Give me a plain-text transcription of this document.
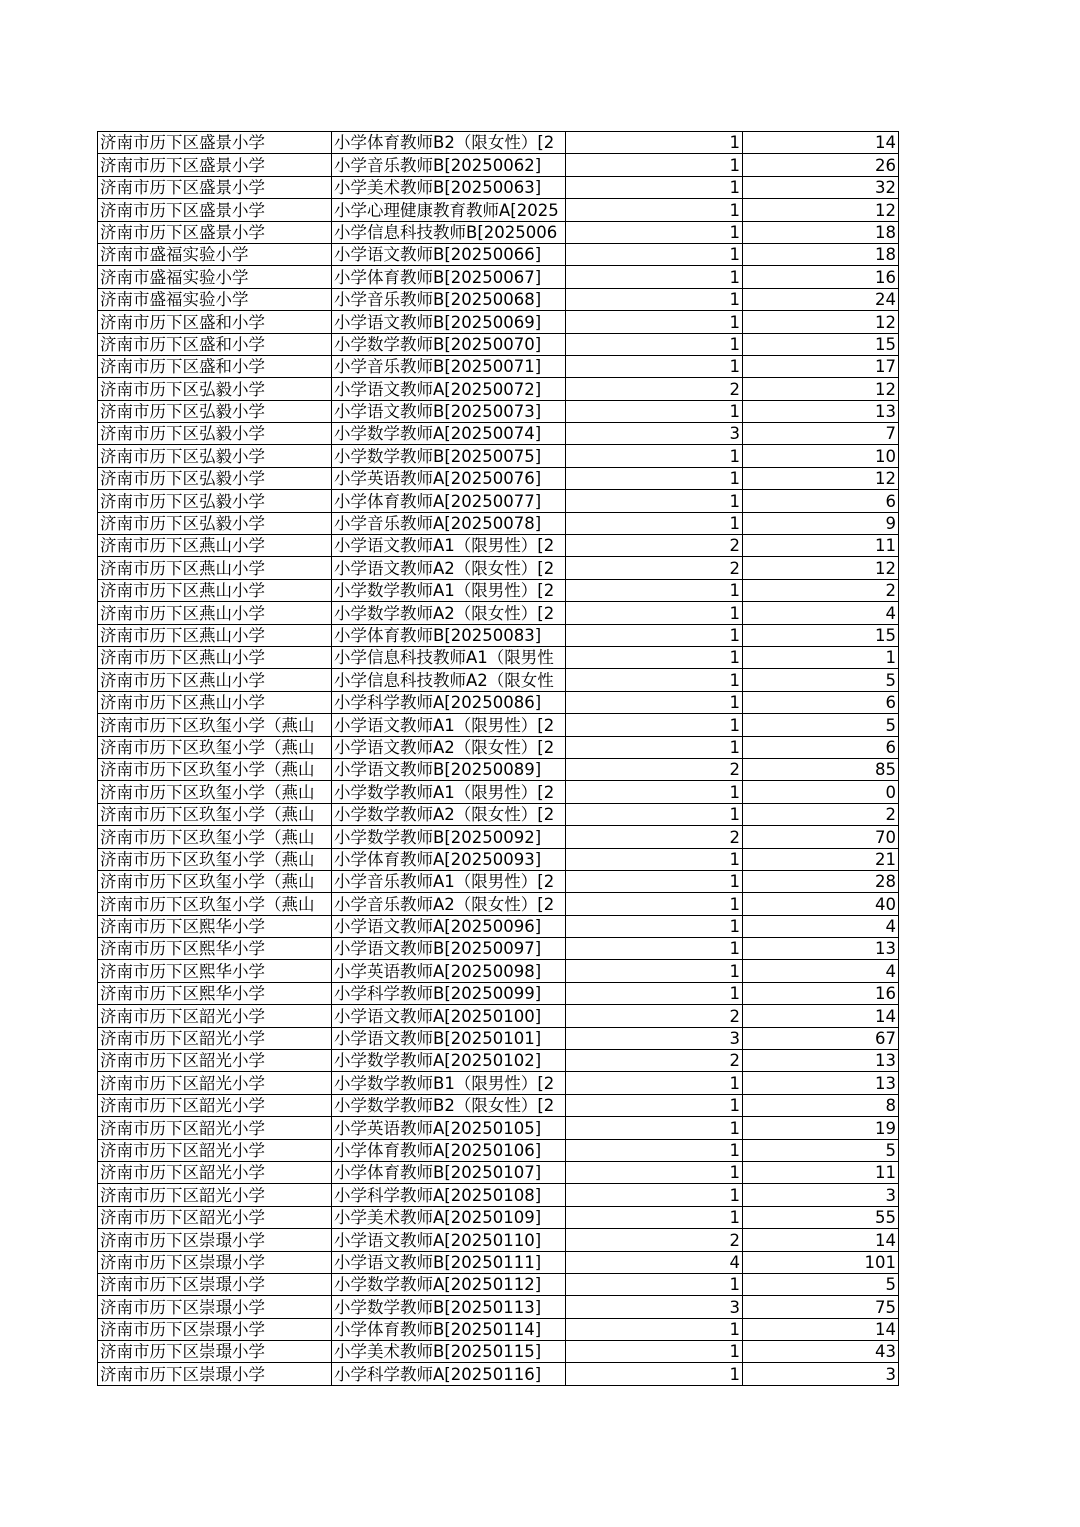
济南市历下区盛景小学	小学体育教师B2（限女性）[2	1	14
济南市历下区盛景小学	小学音乐教师B[20250062]	1	26
济南市历下区盛景小学	小学美术教师B[20250063]	1	32
济南市历下区盛景小学	小学心理健康教育教师A[2025	1	12
济南市历下区盛景小学	小学信息科技教师B[2025006	1	18
济南市盛福实验小学	小学语文教师B[20250066]	1	18
济南市盛福实验小学	小学体育教师B[20250067]	1	16
济南市盛福实验小学	小学音乐教师B[20250068]	1	24
济南市历下区盛和小学	小学语文教师B[20250069]	1	12
济南市历下区盛和小学	小学数学教师B[20250070]	1	15
济南市历下区盛和小学	小学音乐教师B[20250071]	1	17
济南市历下区弘毅小学	小学语文教师A[20250072]	2	12
济南市历下区弘毅小学	小学语文教师B[20250073]	1	13
济南市历下区弘毅小学	小学数学教师A[20250074]	3	7
济南市历下区弘毅小学	小学数学教师B[20250075]	1	10
济南市历下区弘毅小学	小学英语教师A[20250076]	1	12
济南市历下区弘毅小学	小学体育教师A[20250077]	1	6
济南市历下区弘毅小学	小学音乐教师A[20250078]	1	9
济南市历下区燕山小学	小学语文教师A1（限男性）[2	2	11
济南市历下区燕山小学	小学语文教师A2（限女性）[2	2	12
济南市历下区燕山小学	小学数学教师A1（限男性）[2	1	2
济南市历下区燕山小学	小学数学教师A2（限女性）[2	1	4
济南市历下区燕山小学	小学体育教师B[20250083]	1	15
济南市历下区燕山小学	小学信息科技教师A1（限男性	1	1
济南市历下区燕山小学	小学信息科技教师A2（限女性	1	5
济南市历下区燕山小学	小学科学教师A[20250086]	1	6
济南市历下区玖玺小学（燕山	小学语文教师A1（限男性）[2	1	5
济南市历下区玖玺小学（燕山	小学语文教师A2（限女性）[2	1	6
济南市历下区玖玺小学（燕山	小学语文教师B[20250089]	2	85
济南市历下区玖玺小学（燕山	小学数学教师A1（限男性）[2	1	0
济南市历下区玖玺小学（燕山	小学数学教师A2（限女性）[2	1	2
济南市历下区玖玺小学（燕山	小学数学教师B[20250092]	2	70
济南市历下区玖玺小学（燕山	小学体育教师A[20250093]	1	21
济南市历下区玖玺小学（燕山	小学音乐教师A1（限男性）[2	1	28
济南市历下区玖玺小学（燕山	小学音乐教师A2（限女性）[2	1	40
济南市历下区熙华小学	小学语文教师A[20250096]	1	4
济南市历下区熙华小学	小学语文教师B[20250097]	1	13
济南市历下区熙华小学	小学英语教师A[20250098]	1	4
济南市历下区熙华小学	小学科学教师B[20250099]	1	16
济南市历下区韶光小学	小学语文教师A[20250100]	2	14
济南市历下区韶光小学	小学语文教师B[20250101]	3	67
济南市历下区韶光小学	小学数学教师A[20250102]	2	13
济南市历下区韶光小学	小学数学教师B1（限男性）[2	1	13
济南市历下区韶光小学	小学数学教师B2（限女性）[2	1	8
济南市历下区韶光小学	小学英语教师A[20250105]	1	19
济南市历下区韶光小学	小学体育教师A[20250106]	1	5
济南市历下区韶光小学	小学体育教师B[20250107]	1	11
济南市历下区韶光小学	小学科学教师A[20250108]	1	3
济南市历下区韶光小学	小学美术教师A[20250109]	1	55
济南市历下区崇璟小学	小学语文教师A[20250110]	2	14
济南市历下区崇璟小学	小学语文教师B[20250111]	4	101
济南市历下区崇璟小学	小学数学教师A[20250112]	1	5
济南市历下区崇璟小学	小学数学教师B[20250113]	3	75
济南市历下区崇璟小学	小学体育教师B[20250114]	1	14
济南市历下区崇璟小学	小学美术教师B[20250115]	1	43
济南市历下区崇璟小学	小学科学教师A[20250116]	1	3
